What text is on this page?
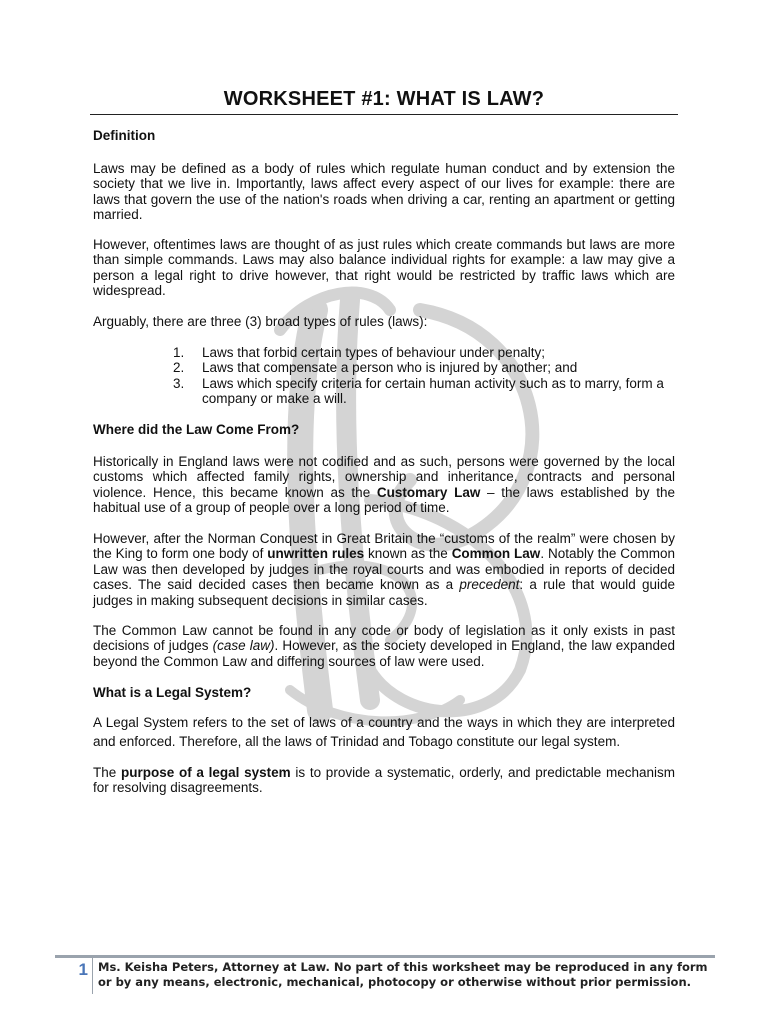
WORKSHEET #1: WHAT IS LAW?
Definition

Laws may be defined as a body of rules which regulate human conduct and by extension the society that we live in. Importantly, laws affect every aspect of our lives for example: there are laws that govern the use of the nation's roads when driving a car, renting an apartment or getting married.

However, oftentimes laws are thought of as just rules which create commands but laws are more than simple commands. Laws may also balance individual rights for example: a law may give a person a legal right to drive however, that right would be restricted by traffic laws which are widespread.

Arguably, there are three (3) broad types of rules (laws):

1. Laws that forbid certain types of behaviour under penalty;
2. Laws that compensate a person who is injured by another; and
3. Laws which specify criteria for certain human activity such as to marry, form a company or make a will.
Where did the Law Come From?

Historically in England laws were not codified and as such, persons were governed by the local customs which affected family rights, ownership and inheritance, contracts and personal violence. Hence, this became known as the Customary Law – the laws established by the habitual use of a group of people over a long period of time.

However, after the Norman Conquest in Great Britain the “customs of the realm” were chosen by the King to form one body of unwritten rules known as the Common Law. Notably the Common Law was then developed by judges in the royal courts and was embodied in reports of decided cases. The said decided cases then became known as a precedent: a rule that would guide judges in making subsequent decisions in similar cases.

The Common Law cannot be found in any code or body of legislation as it only exists in past decisions of judges (case law). However, as the society developed in England, the law expanded beyond the Common Law and differing sources of law were used.

What is a Legal System?

A Legal System refers to the set of laws of a country and the ways in which they are interpreted and enforced. Therefore, all the laws of Trinidad and Tobago constitute our legal system.

The purpose of a legal system is to provide a systematic, orderly, and predictable mechanism for resolving disagreements.

1 Ms. Keisha Peters, Attorney at Law. No part of this worksheet may be reproduced in any form or by any means, electronic, mechanical, photocopy or otherwise without prior permission.
